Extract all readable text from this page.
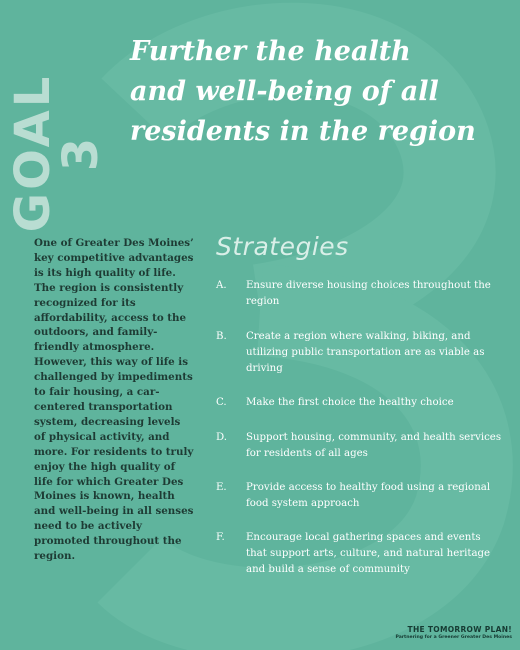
GOAL 3
Further the health
and well-being of all
residents in the region

One of Greater Des Moines’ key competitive advantages is its high quality of life. The region is consistently recognized for its affordability, access to the outdoors, and family-friendly atmosphere. However, this way of life is challenged by impediments to fair housing, a car-centered transportation system, decreasing levels of physical activity, and more. For residents to truly enjoy the high quality of life for which Greater Des Moines is known, health and well-being in all senses need to be actively promoted throughout the region.

Strategies
A. Ensure diverse housing choices throughout the region
B. Create a region where walking, biking, and utilizing public transportation are as viable as driving
C. Make the first choice the healthy choice
D. Support housing, community, and health services for residents of all ages
E. Provide access to healthy food using a regional food system approach
F. Encourage local gathering spaces and events that support arts, culture, and natural heritage and build a sense of community
THE TOMORROW PLAN!
Partnering for a Greener Greater Des Moines
